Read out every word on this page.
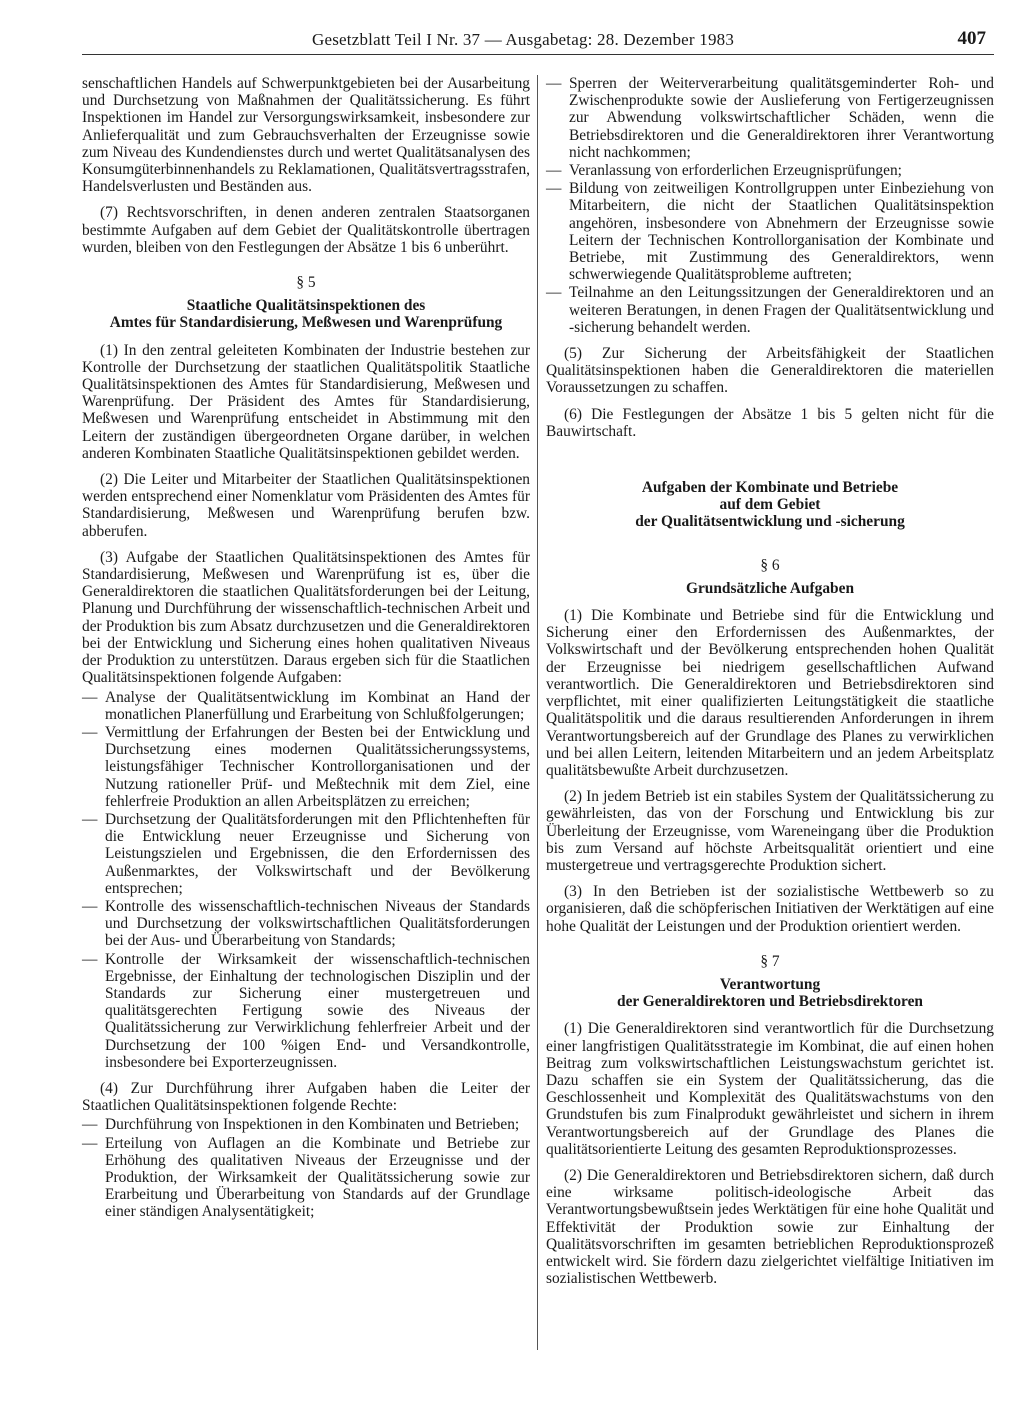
Gesetzblatt Teil I Nr. 37 — Ausgabetag: 28. Dezember 1983	407

senschaftlichen Handels auf Schwerpunktgebieten bei der Ausarbeitung und Durchsetzung von Maßnahmen der Qualitätssicherung. Es führt Inspektionen im Handel zur Versorgungswirksamkeit, insbesondere zur Anlieferqualität und zum Gebrauchsverhalten der Erzeugnisse sowie zum Niveau des Kundendienstes durch und wertet Qualitätsanalysen des Konsumgüterbinnenhandels zu Reklamationen, Qualitätsvertragsstrafen, Handelsverlusten und Beständen aus.

(7) Rechtsvorschriften, in denen anderen zentralen Staatsorganen bestimmte Aufgaben auf dem Gebiet der Qualitätskontrolle übertragen wurden, bleiben von den Festlegungen der Absätze 1 bis 6 unberührt.

§ 5
Staatliche Qualitätsinspektionen des
Amtes für Standardisierung, Meßwesen und Warenprüfung

(1) In den zentral geleiteten Kombinaten der Industrie bestehen zur Kontrolle der Durchsetzung der staatlichen Qualitätspolitik Staatliche Qualitätsinspektionen des Amtes für Standardisierung, Meßwesen und Warenprüfung. Der Präsident des Amtes für Standardisierung, Meßwesen und Warenprüfung entscheidet in Abstimmung mit den Leitern der zuständigen übergeordneten Organe darüber, in welchen anderen Kombinaten Staatliche Qualitätsinspektionen gebildet werden.

(2) Die Leiter und Mitarbeiter der Staatlichen Qualitätsinspektionen werden entsprechend einer Nomenklatur vom Präsidenten des Amtes für Standardisierung, Meßwesen und Warenprüfung berufen bzw. abberufen.

(3) Aufgabe der Staatlichen Qualitätsinspektionen des Amtes für Standardisierung, Meßwesen und Warenprüfung ist es, über die Generaldirektoren die staatlichen Qualitätsforderungen bei der Leitung, Planung und Durchführung der wissenschaftlich-technischen Arbeit und der Produktion bis zum Absatz durchzusetzen und die Generaldirektoren bei der Entwicklung und Sicherung eines hohen qualitativen Niveaus der Produktion zu unterstützen. Daraus ergeben sich für die Staatlichen Qualitätsinspektionen folgende Aufgaben:

— Analyse der Qualitätsentwicklung im Kombinat an Hand der monatlichen Planerfüllung und Erarbeitung von Schlußfolgerungen;
— Vermittlung der Erfahrungen der Besten bei der Entwicklung und Durchsetzung eines modernen Qualitätssicherungssystems, leistungsfähiger Technischer Kontrollorganisationen und der Nutzung rationeller Prüf- und Meßtechnik mit dem Ziel, eine fehlerfreie Produktion an allen Arbeitsplätzen zu erreichen;
— Durchsetzung der Qualitätsforderungen mit den Pflichtenheften für die Entwicklung neuer Erzeugnisse und Sicherung von Leistungszielen und Ergebnissen, die den Erfordernissen des Außenmarktes, der Volkswirtschaft und der Bevölkerung entsprechen;
— Kontrolle des wissenschaftlich-technischen Niveaus der Standards und Durchsetzung der volkswirtschaftlichen Qualitätsforderungen bei der Aus- und Überarbeitung von Standards;
— Kontrolle der Wirksamkeit der wissenschaftlich-technischen Ergebnisse, der Einhaltung der technologischen Disziplin und der Standards zur Sicherung einer mustergetreuen und qualitätsgerechten Fertigung sowie des Niveaus der Qualitätssicherung zur Verwirklichung fehlerfreier Arbeit und der Durchsetzung der 100 %igen End- und Versandkontrolle, insbesondere bei Exporterzeugnissen.

(4) Zur Durchführung ihrer Aufgaben haben die Leiter der Staatlichen Qualitätsinspektionen folgende Rechte:

— Durchführung von Inspektionen in den Kombinaten und Betrieben;
— Erteilung von Auflagen an die Kombinate und Betriebe zur Erhöhung des qualitativen Niveaus der Erzeugnisse und der Produktion, der Wirksamkeit der Qualitätssicherung sowie zur Erarbeitung und Überarbeitung von Standards auf der Grundlage einer ständigen Analysentätigkeit;
— Sperren der Weiterverarbeitung qualitätsgeminderter Roh- und Zwischenprodukte sowie der Auslieferung von Fertigerzeugnissen zur Abwendung volkswirtschaftlicher Schäden, wenn die Betriebsdirektoren und die Generaldirektoren ihrer Verantwortung nicht nachkommen;
— Veranlassung von erforderlichen Erzeugnisprüfungen;
— Bildung von zeitweiligen Kontrollgruppen unter Einbeziehung von Mitarbeitern, die nicht der Staatlichen Qualitätsinspektion angehören, insbesondere von Abnehmern der Erzeugnisse sowie Leitern der Technischen Kontrollorganisation der Kombinate und Betriebe, mit Zustimmung des Generaldirektors, wenn schwerwiegende Qualitätsprobleme auftreten;
— Teilnahme an den Leitungssitzungen der Generaldirektoren und an weiteren Beratungen, in denen Fragen der Qualitätsentwicklung und -sicherung behandelt werden.

(5) Zur Sicherung der Arbeitsfähigkeit der Staatlichen Qualitätsinspektionen haben die Generaldirektoren die materiellen Voraussetzungen zu schaffen.

(6) Die Festlegungen der Absätze 1 bis 5 gelten nicht für die Bauwirtschaft.

Aufgaben der Kombinate und Betriebe
auf dem Gebiet
der Qualitätsentwicklung und -sicherung
§ 6
Grundsätzliche Aufgaben

(1) Die Kombinate und Betriebe sind für die Entwicklung und Sicherung einer den Erfordernissen des Außenmarktes, der Volkswirtschaft und der Bevölkerung entsprechenden hohen Qualität der Erzeugnisse bei niedrigem gesellschaftlichen Aufwand verantwortlich. Die Generaldirektoren und Betriebsdirektoren sind verpflichtet, mit einer qualifizierten Leitungstätigkeit die staatliche Qualitätspolitik und die daraus resultierenden Anforderungen in ihrem Verantwortungsbereich auf der Grundlage des Planes zu verwirklichen und bei allen Leitern, leitenden Mitarbeitern und an jedem Arbeitsplatz qualitätsbewußte Arbeit durchzusetzen.

(2) In jedem Betrieb ist ein stabiles System der Qualitätssicherung zu gewährleisten, das von der Forschung und Entwicklung bis zur Überleitung der Erzeugnisse, vom Wareneingang über die Produktion bis zum Versand auf höchste Arbeitsqualität orientiert und eine mustergetreue und vertragsgerechte Produktion sichert.

(3) In den Betrieben ist der sozialistische Wettbewerb so zu organisieren, daß die schöpferischen Initiativen der Werktätigen auf eine hohe Qualität der Leistungen und der Produktion orientiert werden.

§ 7
Verantwortung
der Generaldirektoren und Betriebsdirektoren

(1) Die Generaldirektoren sind verantwortlich für die Durchsetzung einer langfristigen Qualitätsstrategie im Kombinat, die auf einen hohen Beitrag zum volkswirtschaftlichen Leistungswachstum gerichtet ist. Dazu schaffen sie ein System der Qualitätssicherung, das die Geschlossenheit und Komplexität des Qualitätswachstums von den Grundstufen bis zum Finalprodukt gewährleistet und sichern in ihrem Verantwortungsbereich auf der Grundlage des Planes die qualitätsorientierte Leitung des gesamten Reproduktionsprozesses.

(2) Die Generaldirektoren und Betriebsdirektoren sichern, daß durch eine wirksame politisch-ideologische Arbeit das Verantwortungsbewußtsein jedes Werktätigen für eine hohe Qualität und Effektivität der Produktion sowie zur Einhaltung der Qualitätsvorschriften im gesamten betrieblichen Reproduktionsprozeß entwickelt wird. Sie fördern dazu zielgerichtet vielfältige Initiativen im sozialistischen Wettbewerb.
